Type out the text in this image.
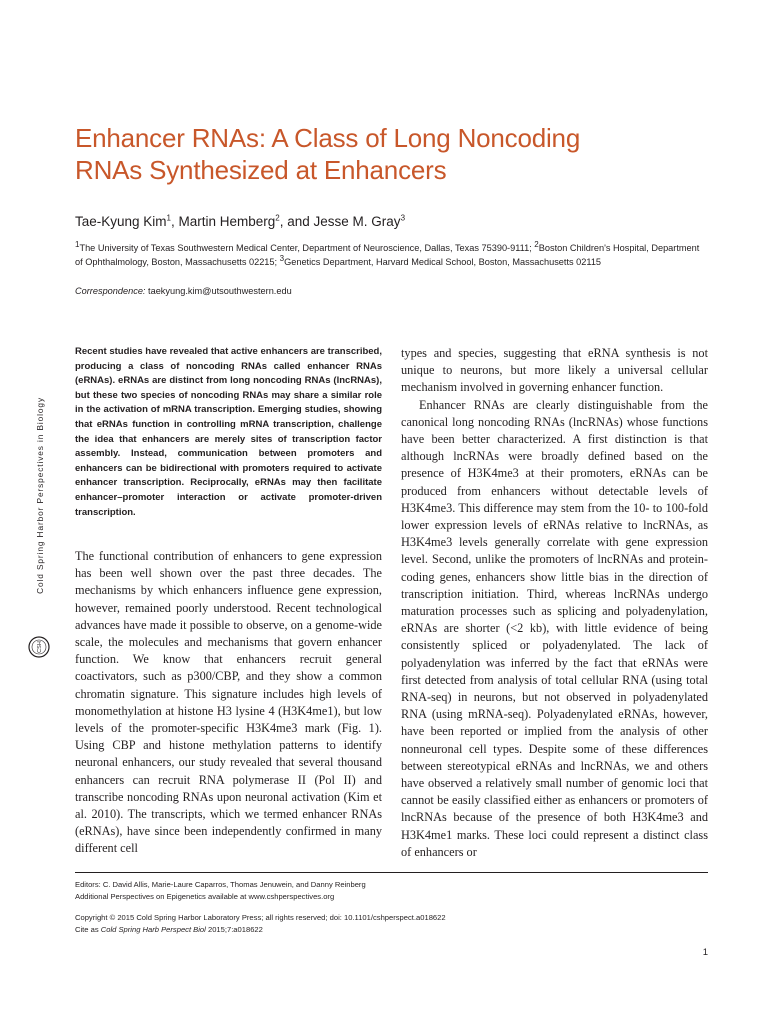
Cold Spring Harbor Perspectives in Biology
CSH
Enhancer RNAs: A Class of Long Noncoding
RNAs Synthesized at Enhancers
Tae-Kyung Kim$^1$, Martin Hemberg$^2$, and Jesse M. Gray$^3$
$^1$The University of Texas Southwestern Medical Center, Department of Neuroscience, Dallas, Texas 75390-9111; $^2$Boston Children's Hospital, Department of Ophthalmology, Boston, Massachusetts 02215; $^3$Genetics Department, Harvard Medical School, Boston, Massachusetts 02115
Correspondence: taekyung.kim@utsouthwestern.edu

Recent studies have revealed that active enhancers are transcribed, producing a class of noncoding RNAs called enhancer RNAs (eRNAs). eRNAs are distinct from long noncoding RNAs (lncRNAs), but these two species of noncoding RNAs may share a similar role in the activation of mRNA transcription. Emerging studies, showing that eRNAs function in controlling mRNA transcription, challenge the idea that enhancers are merely sites of transcription factor assembly. Instead, communication between promoters and enhancers can be bidirectional with promoters required to activate enhancer transcription. Reciprocally, eRNAs may then facilitate enhancer–promoter interaction or activate promoter-driven transcription.

The functional contribution of enhancers to gene expression has been well shown over the past three decades. The mechanisms by which enhancers influence gene expression, however, remained poorly understood. Recent technological advances have made it possible to observe, on a genome-wide scale, the molecules and mechanisms that govern enhancer function. We know that enhancers recruit general coactivators, such as p300/CBP, and they show a common chromatin signature. This signature includes high levels of monomethylation at histone H3 lysine 4 (H3K4me1), but low levels of the promoter-specific H3K4me3 mark (Fig. 1). Using CBP and histone methylation patterns to identify neuronal enhancers, our study revealed that several thousand enhancers can recruit RNA polymerase II (Pol II) and transcribe noncoding RNAs upon neuronal activation (Kim et al. 2010). The transcripts, which we termed enhancer RNAs (eRNAs), have since been independently confirmed in many different cell

types and species, suggesting that eRNA synthesis is not unique to neurons, but more likely a universal cellular mechanism involved in governing enhancer function.

Enhancer RNAs are clearly distinguishable from the canonical long noncoding RNAs (lncRNAs) whose functions have been better characterized. A first distinction is that although lncRNAs were broadly defined based on the presence of H3K4me3 at their promoters, eRNAs can be produced from enhancers without detectable levels of H3K4me3. This difference may stem from the 10- to 100-fold lower expression levels of eRNAs relative to lncRNAs, as H3K4me3 levels generally correlate with gene expression level. Second, unlike the promoters of lncRNAs and protein-coding genes, enhancers show little bias in the direction of transcription initiation. Third, whereas lncRNAs undergo maturation processes such as splicing and polyadenylation, eRNAs are shorter (<2 kb), with little evidence of being consistently spliced or polyadenylated. The lack of polyadenylation was inferred by the fact that eRNAs were first detected from analysis of total cellular RNA (using total RNA-seq) in neurons, but not observed in polyadenylated RNA (using mRNA-seq). Polyadenylated eRNAs, however, have been reported or implied from the analysis of other nonneuronal cell types. Despite some of these differences between stereotypical eRNAs and lncRNAs, we and others have observed a relatively small number of genomic loci that cannot be easily classified either as enhancers or promoters of lncRNAs because of the presence of both H3K4me3 and H3K4me1 marks. These loci could represent a distinct class of enhancers or

Editors: C. David Allis, Marie-Laure Caparros, Thomas Jenuwein, and Danny Reinberg
Additional Perspectives on Epigenetics available at www.cshperspectives.org
Copyright © 2015 Cold Spring Harbor Laboratory Press; all rights reserved; doi: 10.1101/cshperspect.a018622
Cite as Cold Spring Harb Perspect Biol 2015;7:a018622
1
